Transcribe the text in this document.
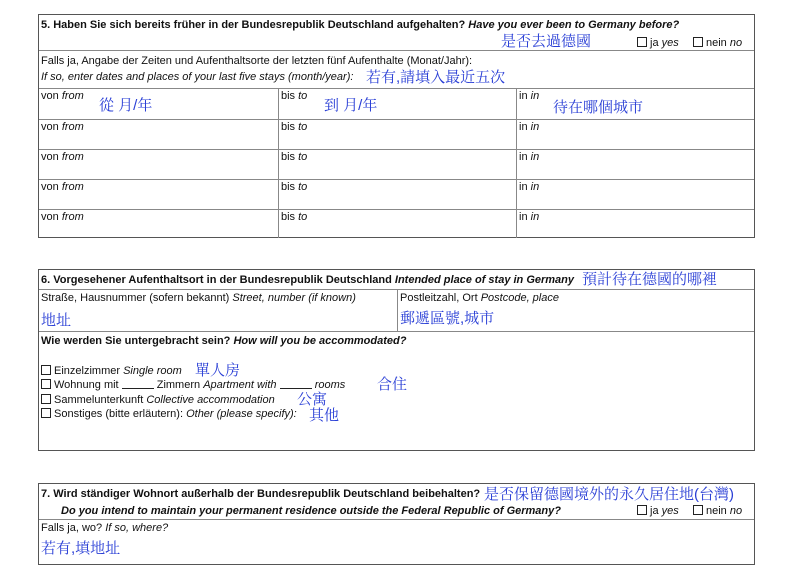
5. Haben Sie sich bereits früher in der Bundesrepublik Deutschland aufgehalten? Have you ever been to Germany before?
是否去過德國	ja yes	nein no
Falls ja, Angabe der Zeiten und Aufenthaltsorte der letzten fünf Aufenthalte (Monat/Jahr):
If so, enter dates and places of your last five stays (month/year): 若有,請填入最近五次
von from	bis to	in in
從 月/年	到 月/年	待在哪個城市
von from	bis to	in in
von from	bis to	in in
von from	bis to	in in
von from	bis to	in in
6. Vorgesehener Aufenthaltsort in der Bundesrepublik Deutschland Intended place of stay in Germany 預計待在德國的哪裡
Straße, Hausnummer (sofern bekannt) Street, number (if known)
地址
Postleitzahl, Ort Postcode, place
郵遞區號,城市
Wie werden Sie untergebracht sein? How will you be accommodated?
Einzelzimmer Single room 單人房
Wohnung mit	Zimmern Apartment with	rooms 合住
Sammelunterkunft Collective accommodation 公寓
Sonstiges (bitte erläutern): Other (please specify): 其他
7. Wird ständiger Wohnort außerhalb der Bundesrepublik Deutschland beibehalten? 是否保留德國境外的永久居住地(台灣)
Do you intend to maintain your permanent residence outside the Federal Republic of Germany?	ja yes	nein no
Falls ja, wo? If so, where?
若有,填地址
